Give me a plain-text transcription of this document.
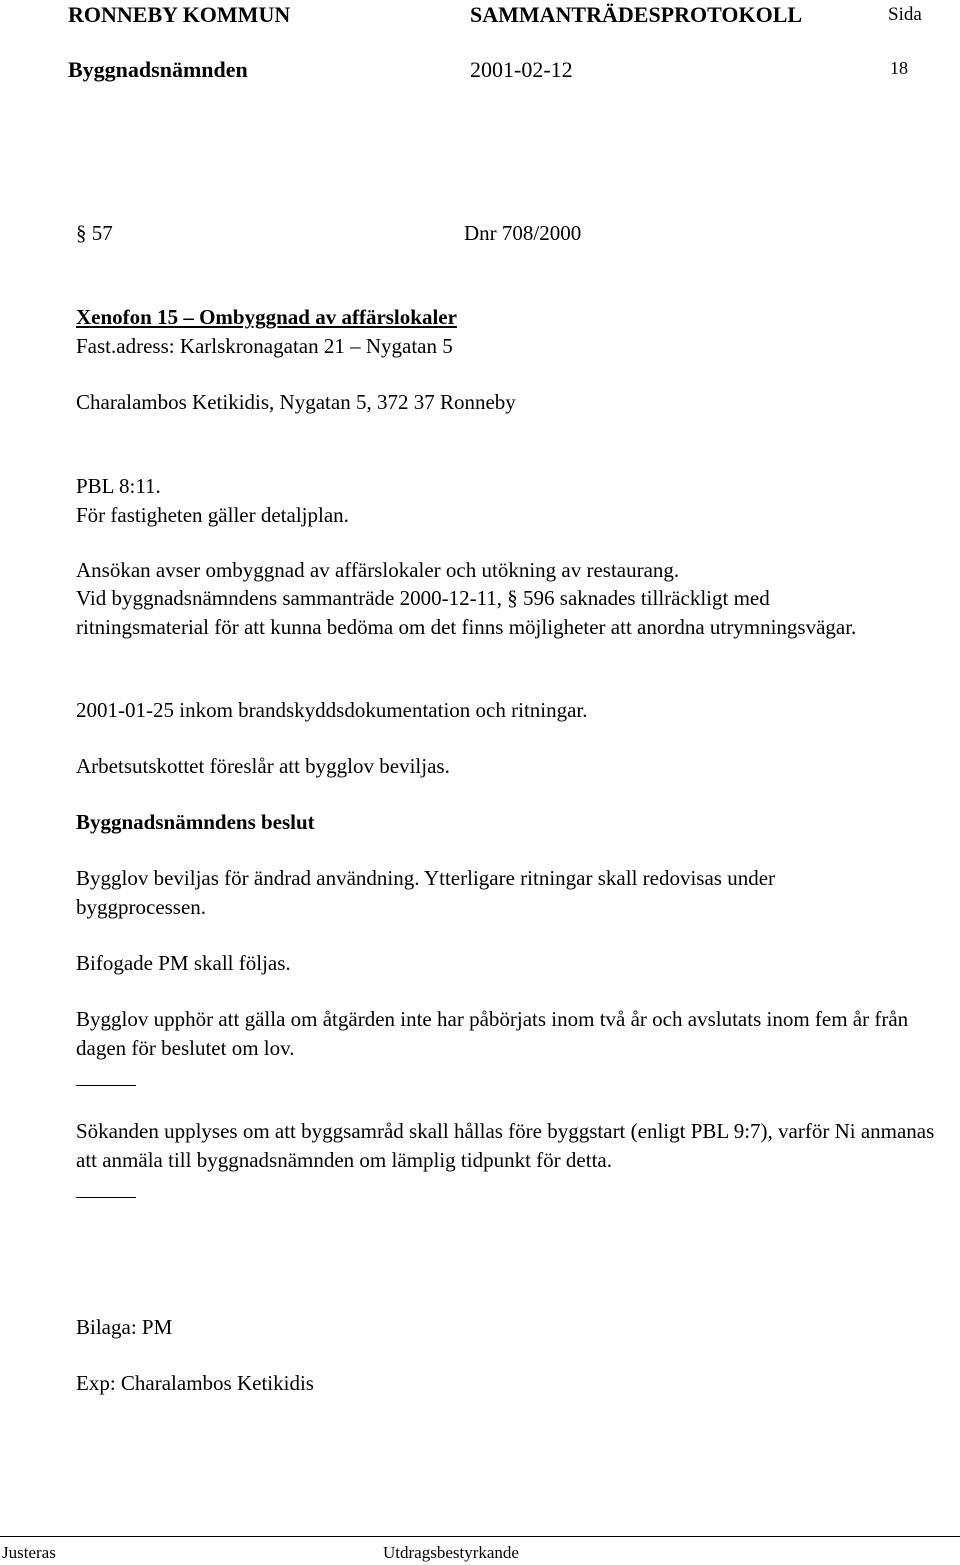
RONNEBY KOMMUN	SAMMANTRÄDESPROTOKOLL	Sida
Byggnadsnämnden	2001-02-12	18
§ 57	Dnr 708/2000
Xenofon 15 – Ombyggnad av affärslokaler
Fast.adress: Karlskronagatan 21 – Nygatan 5
Charalambos Ketikidis, Nygatan 5, 372 37 Ronneby
PBL 8:11.
För fastigheten gäller detaljplan.
Ansökan avser ombyggnad av affärslokaler och utökning av restaurang.
Vid byggnadsnämndens sammanträde 2000-12-11, § 596 saknades tillräckligt med ritningsmaterial för att kunna bedöma om det finns möjligheter att anordna utrymningsvägar.
2001-01-25 inkom brandskyddsdokumentation och ritningar.
Arbetsutskottet föreslår att bygglov beviljas.
Byggnadsnämndens beslut
Bygglov beviljas för ändrad användning. Ytterligare ritningar skall redovisas under byggprocessen.
Bifogade PM skall följas.
Bygglov upphör att gälla om åtgärden inte har påbörjats inom två år och avslutats inom fem år från dagen för beslutet om lov.
Sökanden upplyses om att byggsamråd skall hållas före byggstart (enligt PBL 9:7), varför Ni anmanas att anmäla till byggnadsnämnden om lämplig tidpunkt för detta.
Bilaga: PM
Exp: Charalambos Ketikidis
Justeras	Utdragsbestyrkande
